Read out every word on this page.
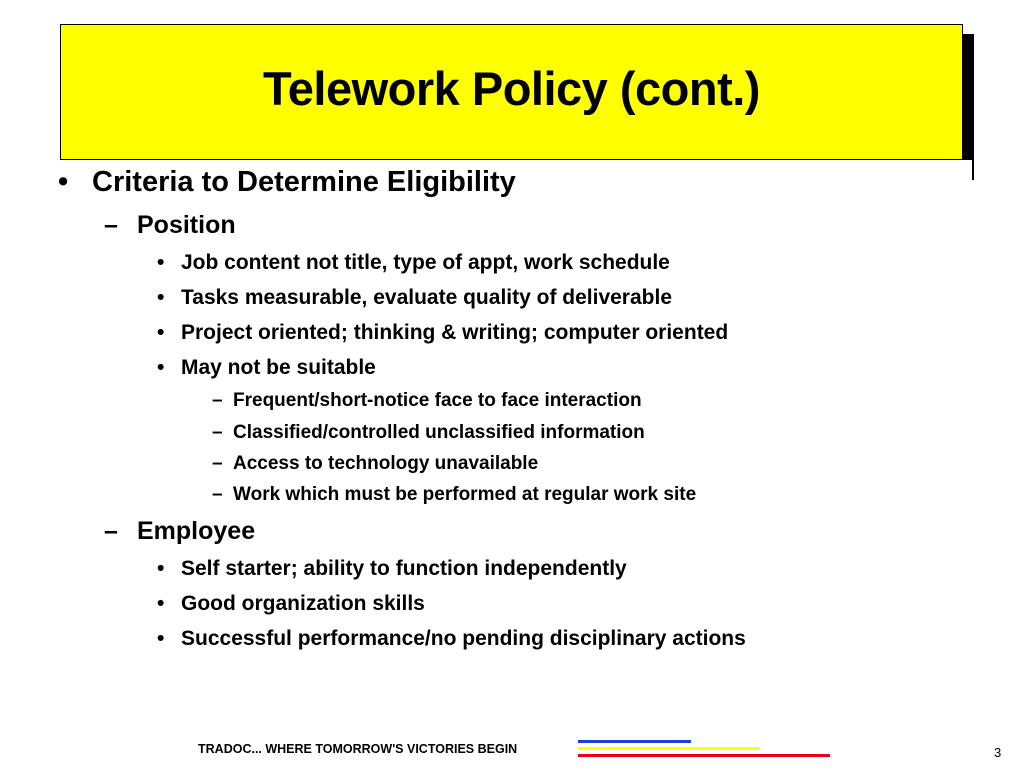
Telework Policy (cont.)
• Criteria to Determine Eligibility
– Position
• Job content not title, type of appt, work schedule
• Tasks measurable, evaluate quality of deliverable
• Project oriented; thinking & writing; computer oriented
• May not be suitable
– Frequent/short-notice face to face interaction
– Classified/controlled unclassified information
– Access to technology unavailable
– Work which must be performed at regular work site
– Employee
• Self starter; ability to function independently
• Good organization skills
• Successful performance/no pending disciplinary actions
TRADOC... WHERE TOMORROW'S VICTORIES BEGIN	3
